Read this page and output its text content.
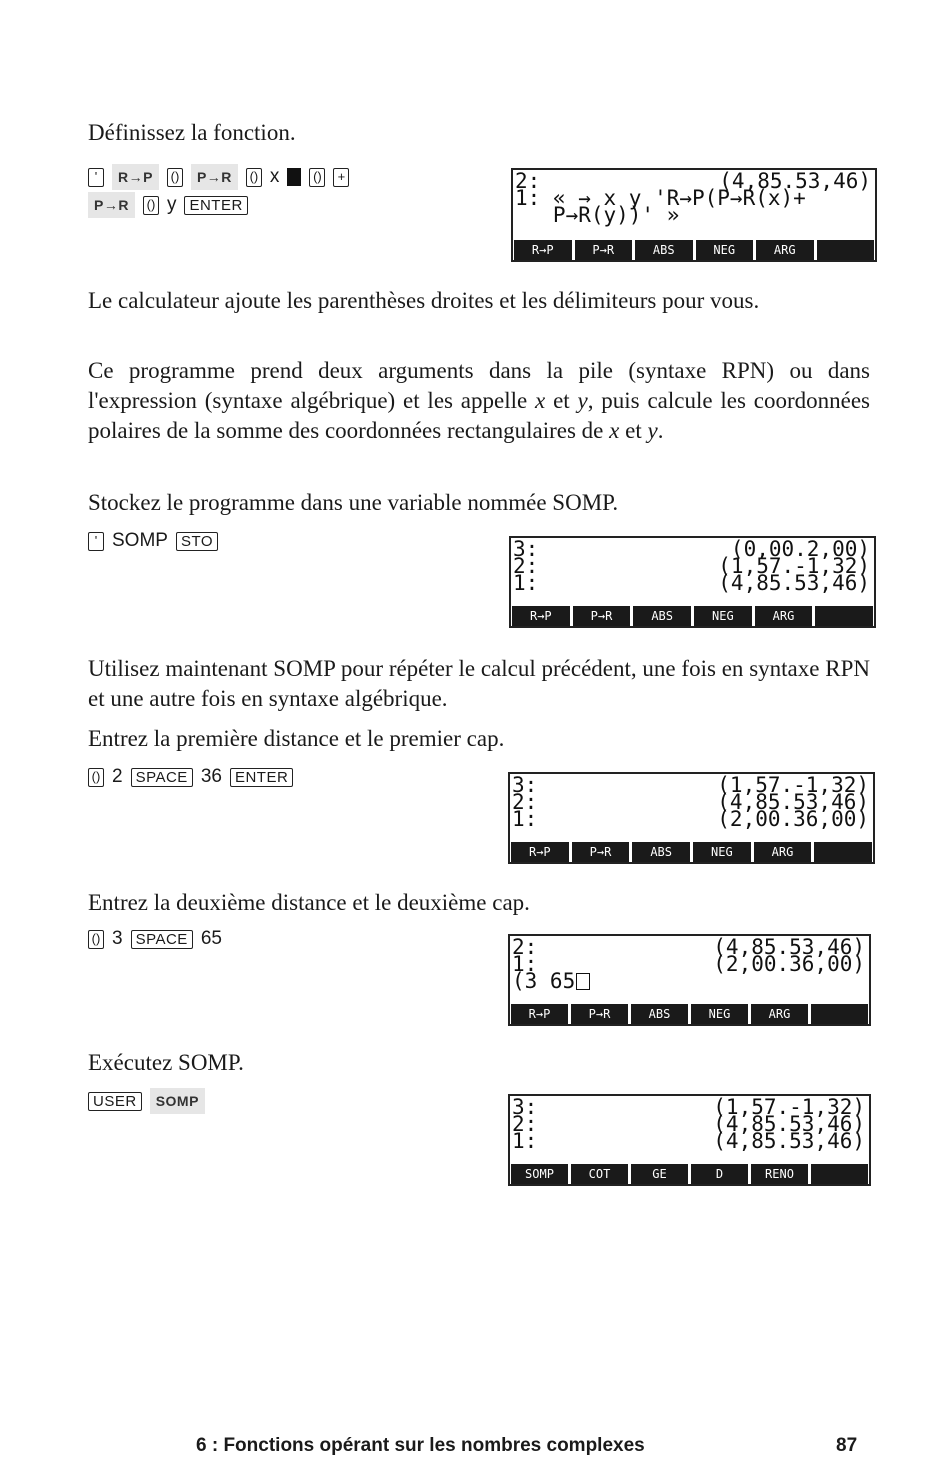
Définissez la fonction.

'	R→P	()	P→R	() x	()	+
P→R	() y ENTER

2:

	(4,85.53,46)

1: « → x y 'R→P(P→R(x)+

P→R(y))' »

R→P	P→R	ABS	NEG	ARG

Le calculateur ajoute les parenthèses droites et les délimiteurs pour vous.

Ce programme prend deux arguments dans la pile (syntaxe RPN) ou dans l'expression (syntaxe algébrique) et les appelle x et y, puis calcule les coordonnées polaires de la somme des coordonnées rectangulaires de x et y.

Stockez le programme dans une variable nommée SOMP.

' SOMP STO

	3:

	(0,00.2,00)

2:

	(1,57.-1,32)

1:

	(4,85.53,46)

R→P	P→R	ABS	NEG	ARG

Utilisez maintenant SOMP pour répéter le calcul précédent, une fois en syntaxe RPN et une autre fois en syntaxe algébrique.

Entrez la première distance et le premier cap.

() 2 SPACE 36 ENTER

	3:

	(1,57.-1,32)

2:

	(4,85.53,46)

1:

	(2,00.36,00)

R→P	P→R	ABS	NEG	ARG

Entrez la deuxième distance et le deuxième cap.

() 3 SPACE 65

	2:

	(4,85.53,46)

1:

	(2,00.36,00)

(3 65

R→P	P→R	ABS	NEG	ARG

Exécutez SOMP.

USER	SOMP

	3:

	(1,57.-1,32)

2:

	(4,85.53,46)

1:

	(4,85.53,46)

SOMP	COT	GE	D	RENO
6 : Fonctions opérant sur les nombres complexes	87
